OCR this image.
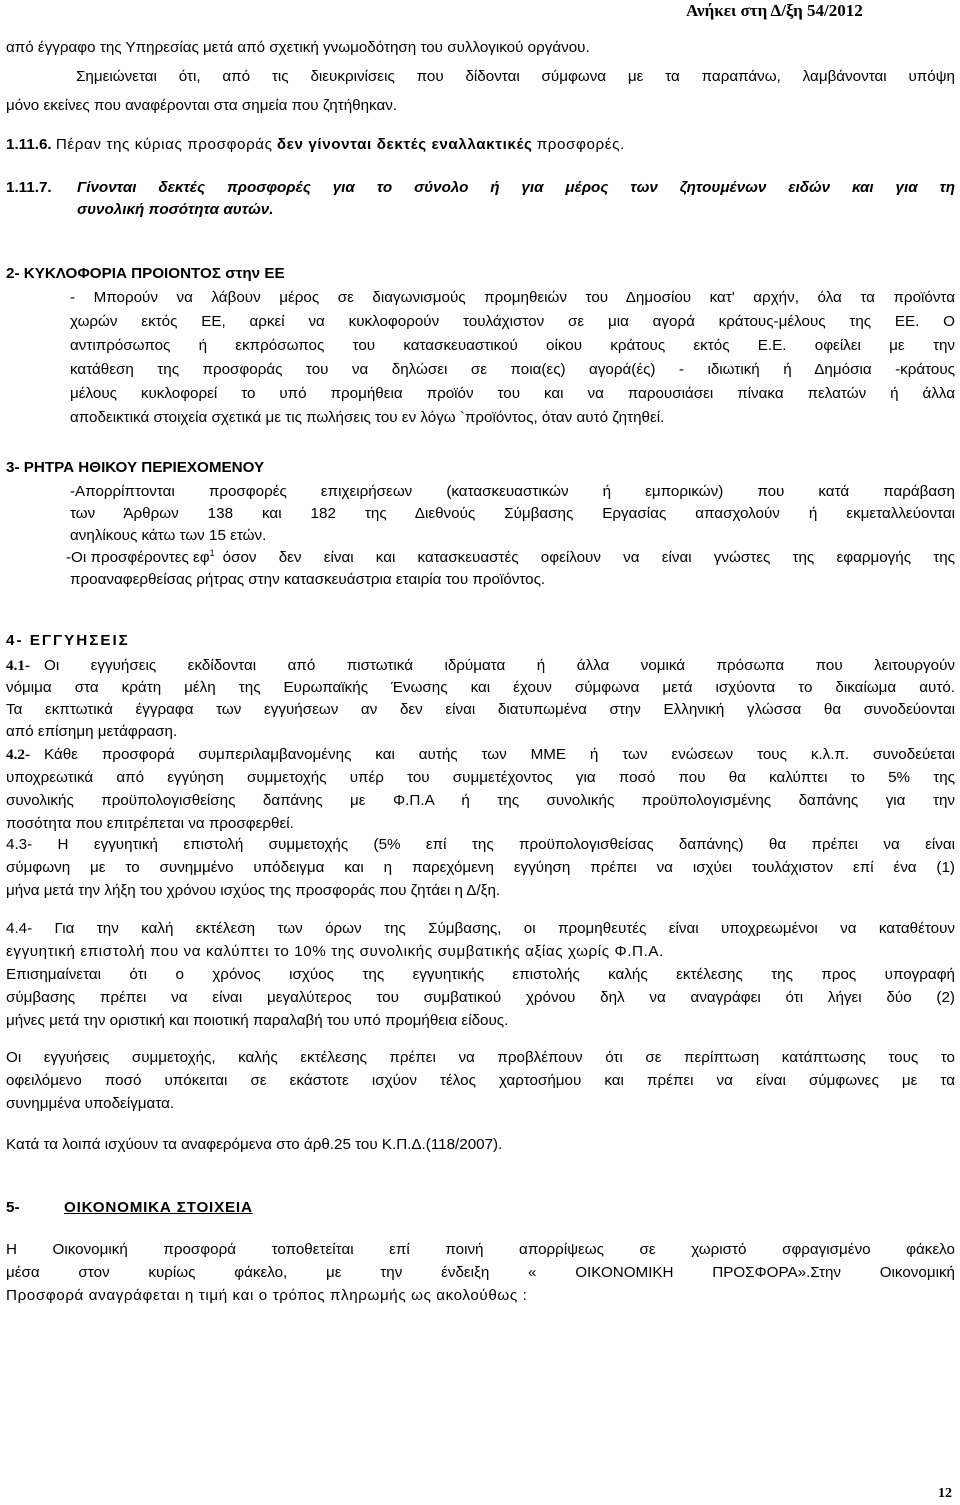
Ανήκει στη Δ/ξη 54/2012
από έγγραφο της Υπηρεσίας μετά από σχετική γνωμοδότηση του συλλογικού οργάνου.
Σημειώνεται ότι, από τις διευκρινίσεις που δίδονται σύμφωνα με τα παραπάνω, λαμβάνονται υπόψη
μόνο εκείνες που αναφέρονται στα σημεία που ζητήθηκαν.
1.11.6. Πέραν της κύριας προσφοράς δεν γίνονται δεκτές εναλλακτικές προσφορές.
1.11.7. Γίνονται δεκτές προσφορές για το σύνολο ή για μέρος των ζητουμένων ειδών και για τη
συνολική ποσότητα αυτών.
2- ΚΥΚΛΟΦΟΡΙΑ ΠΡΟΙΟΝΤΟΣ στην ΕΕ
- Μπορούν να λάβουν μέρος σε διαγωνισμούς προμηθειών του Δημοσίου κατ' αρχήν, όλα τα προϊόντα
χωρών εκτός ΕΕ, αρκεί να κυκλοφορούν τουλάχιστον σε μια αγορά κράτους-μέλους της ΕΕ. Ο
αντιπρόσωπος ή εκπρόσωπος του κατασκευαστικού οίκου κράτους εκτός Ε.Ε. οφείλει με την
κατάθεση της προσφοράς του να δηλώσει σε ποια(ες) αγορά(ές) - ιδιωτική ή Δημόσια -κράτους
μέλους κυκλοφορεί το υπό προμήθεια προϊόν του και να παρουσιάσει πίνακα πελατών ή άλλα
αποδεικτικά στοιχεία σχετικά με τις πωλήσεις του εν λόγω `προϊόντος, όταν αυτό ζητηθεί.
3- ΡΗΤΡΑ ΗΘΙΚΟΥ ΠΕΡΙΕΧΟΜΕΝΟΥ
-Απορρίπτονται προσφορές επιχειρήσεων (κατασκευαστικών ή εμπορικών) που κατά παράβαση
των Άρθρων 138 και 182 της Διεθνούς Σύμβασης Εργασίας απασχολούν ή εκμεταλλεύονται
ανηλίκους κάτω των 15 ετών.
-Οι προσφέροντες $\varepsilon\varphi^1$ όσον δεν είναι και κατασκευαστές οφείλουν να είναι γνώστες της εφαρμογής της
προαναφερθείσας ρήτρας στην κατασκευάστρια εταιρία του προϊόντος.
4- ΕΓΓΥΗΣΕΙΣ
4.1- Οι εγγυήσεις εκδίδονται από πιστωτικά ιδρύματα ή άλλα νομικά πρόσωπα που λειτουργούν
νόμιμα στα κράτη μέλη της Ευρωπαϊκής Ένωσης και έχουν σύμφωνα μετά ισχύοντα το δικαίωμα αυτό.
Τα εκπτωτικά έγγραφα των εγγυήσεων αν δεν είναι διατυπωμένα στην Ελληνική γλώσσα θα συνοδεύονται
από επίσημη μετάφραση.
4.2- Κάθε προσφορά συμπεριλαμβανομένης και αυτής των ΜΜΕ ή των ενώσεων τους κ.λ.π. συνοδεύεται
υποχρεωτικά από εγγύηση συμμετοχής υπέρ του συμμετέχοντος για ποσό που θα καλύπτει το 5% της
συνολικής προϋπολογισθείσης δαπάνης με Φ.Π.Α ή της συνολικής προϋπολογισμένης δαπάνης για την
ποσότητα που επιτρέπεται να προσφερθεί.
4.3- Η εγγυητική επιστολή συμμετοχής (5% επί της προϋπολογισθείσας δαπάνης) θα πρέπει να είναι
σύμφωνη με το συνημμένο υπόδειγμα και η παρεχόμενη εγγύηση πρέπει να ισχύει τουλάχιστον επί ένα (1)
μήνα μετά την λήξη του χρόνου ισχύος της προσφοράς που ζητάει η Δ/ξη.
4.4- Για την καλή εκτέλεση των όρων της Σύμβασης, οι προμηθευτές είναι υποχρεωμένοι να καταθέτουν
εγγυητική επιστολή που να καλύπτει το 10% της συνολικής συμβατικής αξίας χωρίς Φ.Π.Α.
Επισημαίνεται ότι ο χρόνος ισχύος της εγγυητικής επιστολής καλής εκτέλεσης της προς υπογραφή
σύμβασης πρέπει να είναι μεγαλύτερος του συμβατικού χρόνου δηλ να αναγράφει ότι λήγει δύο (2)
μήνες μετά την οριστική και ποιοτική παραλαβή του υπό προμήθεια είδους.
Οι εγγυήσεις συμμετοχής, καλής εκτέλεσης πρέπει να προβλέπουν ότι σε περίπτωση κατάπτωσης τους το
οφειλόμενο ποσό υπόκειται σε εκάστοτε ισχύον τέλος χαρτοσήμου και πρέπει να είναι σύμφωνες με τα
συνημμένα υποδείγματα.
Κατά τα λοιπά ισχύουν τα αναφερόμενα στο άρθ.25 του Κ.Π.Δ.(118/2007).
5-	ΟΙΚΟΝΟΜΙΚΑ ΣΤΟΙΧΕΙΑ
Η Οικονομική προσφορά τοποθετείται επί ποινή απορρίψεως σε χωριστό σφραγισμένο φάκελο
μέσα στον κυρίως φάκελο, με την ένδειξη « ΟΙΚΟΝΟΜΙΚΗ ΠΡΟΣΦΟΡΑ».Στην Οικονομική
Προσφορά αναγράφεται η τιμή και ο τρόπος πληρωμής ως ακολούθως :
12
